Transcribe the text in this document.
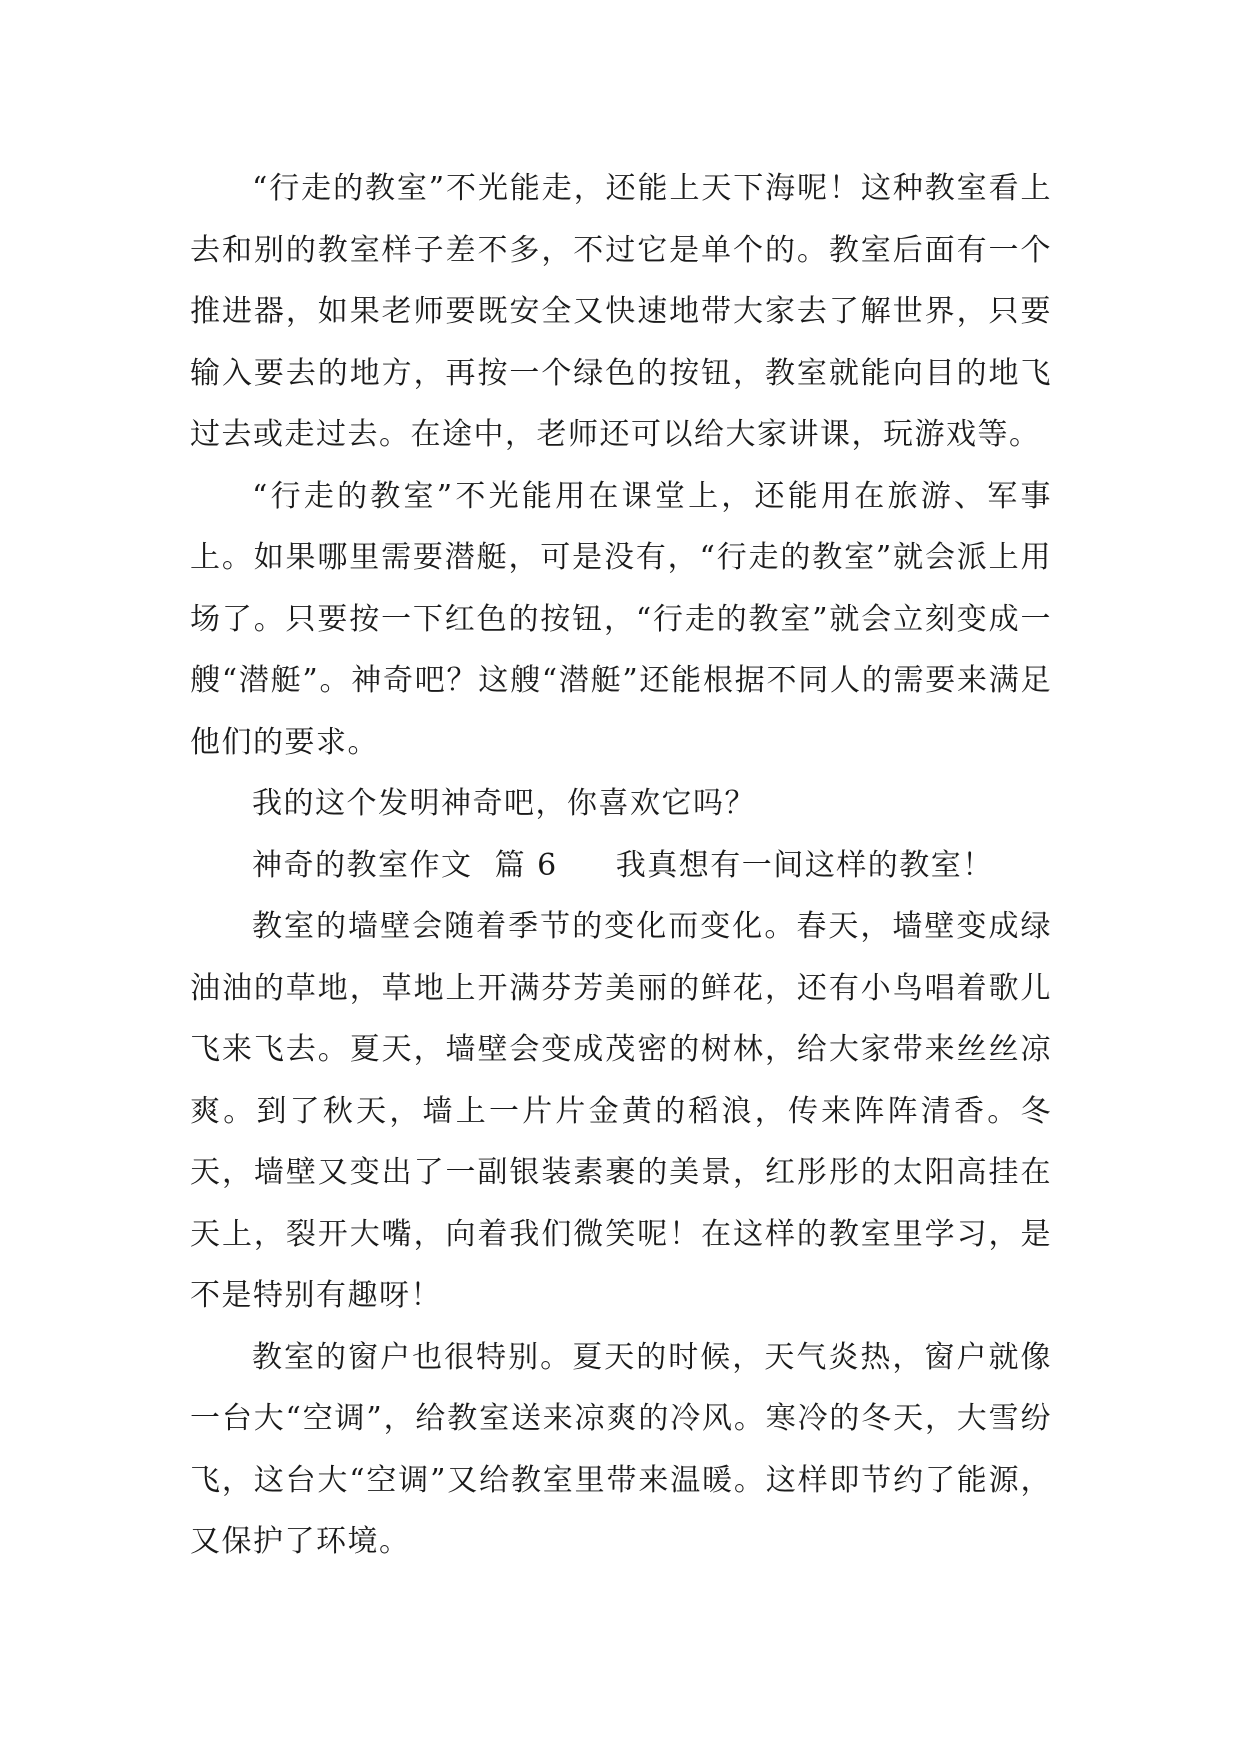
“行走的教室”不光能走，还能上天下海呢！这种教室看上去和别的教室样子差不多，不过它是单个的。教室后面有一个推进器，如果老师要既安全又快速地带大家去了解世界，只要输入要去的地方，再按一个绿色的按钮，教室就能向目的地飞过去或走过去。在途中，老师还可以给大家讲课，玩游戏等。

“行走的教室”不光能用在课堂上，还能用在旅游、军事上。如果哪里需要潜艇，可是没有，“行走的教室”就会派上用场了。只要按一下红色的按钮，“行走的教室”就会立刻变成一艘“潜艇”。神奇吧？这艘“潜艇”还能根据不同人的需要来满足他们的要求。

我的这个发明神奇吧，你喜欢它吗？

神奇的教室作文  篇 6 我真想有一间这样的教室！

教室的墙壁会随着季节的变化而变化。春天，墙壁变成绿油油的草地，草地上开满芬芳美丽的鲜花，还有小鸟唱着歌儿飞来飞去。夏天，墙壁会变成茂密的树林，给大家带来丝丝凉爽。到了秋天，墙上一片片金黄的稻浪，传来阵阵清香。冬天，墙壁又变出了一副银装素裹的美景，红彤彤的太阳高挂在天上，裂开大嘴，向着我们微笑呢！在这样的教室里学习，是不是特别有趣呀！

教室的窗户也很特别。夏天的时候，天气炎热，窗户就像一台大“空调”，给教室送来凉爽的冷风。寒冷的冬天，大雪纷飞，这台大“空调”又给教室里带来温暖。这样即节约了能源，又保护了环境。
